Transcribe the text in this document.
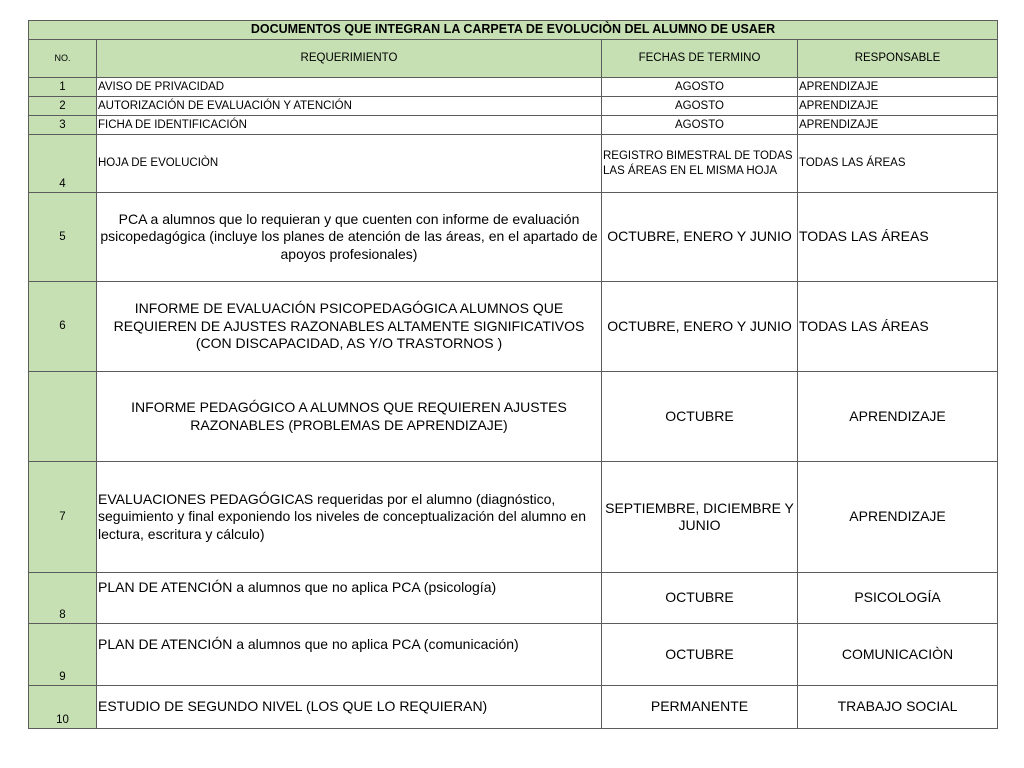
DOCUMENTOS QUE INTEGRAN LA CARPETA DE EVOLUCIÒN DEL ALUMNO DE USAER			
NO.	REQUERIMIENTO	FECHAS DE TERMINO	RESPONSABLE
1	AVISO DE PRIVACIDAD	AGOSTO	APRENDIZAJE
2	AUTORIZACIÓN DE EVALUACIÓN Y ATENCIÓN	AGOSTO	APRENDIZAJE
3	FICHA DE IDENTIFICACIÓN	AGOSTO	APRENDIZAJE
4	HOJA DE EVOLUCIÒN	REGISTRO BIMESTRAL DE TODAS LAS ÁREAS EN EL MISMA HOJA	TODAS LAS ÁREAS
5	PCA a alumnos que lo requieran y que cuenten con informe de evaluación psicopedagógica (incluye los planes de atención de las áreas, en el apartado de apoyos profesionales)	OCTUBRE, ENERO Y JUNIO	TODAS LAS ÁREAS
6	INFORME DE EVALUACIÓN PSICOPEDAGÓGICA ALUMNOS QUE REQUIEREN DE AJUSTES RAZONABLES ALTAMENTE SIGNIFICATIVOS (CON DISCAPACIDAD, AS Y/O TRASTORNOS )	OCTUBRE, ENERO Y JUNIO	TODAS LAS ÁREAS
	INFORME PEDAGÓGICO A ALUMNOS QUE REQUIEREN AJUSTES RAZONABLES (PROBLEMAS DE APRENDIZAJE)	OCTUBRE	APRENDIZAJE
7	EVALUACIONES PEDAGÓGICAS requeridas por el alumno (diagnóstico, seguimiento y final exponiendo los niveles de conceptualización del alumno en lectura, escritura y cálculo)	SEPTIEMBRE, DICIEMBRE Y JUNIO	APRENDIZAJE
8	PLAN DE ATENCIÓN a alumnos que no aplica PCA (psicología)	OCTUBRE	PSICOLOGÍA
9	PLAN DE ATENCIÓN a alumnos que no aplica PCA (comunicación)	OCTUBRE	COMUNICACIÒN
10	ESTUDIO DE SEGUNDO NIVEL (LOS QUE LO REQUIERAN)	PERMANENTE	TRABAJO SOCIAL
